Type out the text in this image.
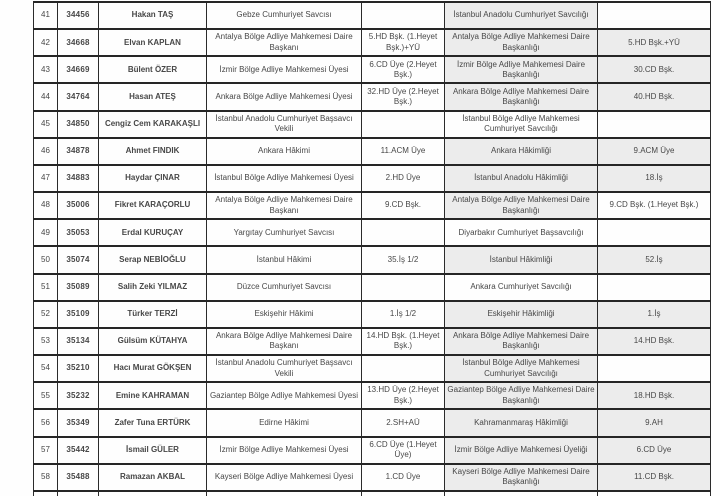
41	34456	Hakan TAŞ	Gebze Cumhuriyet Savcısı		İstanbul Anadolu Cumhuriyet Savcılığı	
42	34668	Elvan KAPLAN	Antalya Bölge Adliye Mahkemesi Daire Başkanı	5.HD Bşk. (1.Heyet Bşk.)+YÜ	Antalya Bölge Adliye Mahkemesi Daire Başkanlığı	5.HD Bşk.+YÜ
43	34669	Bülent ÖZER	İzmir Bölge Adliye Mahkemesi Üyesi	6.CD Üye (2.Heyet Bşk.)	İzmir Bölge Adliye Mahkemesi Daire Başkanlığı	30.CD Bşk.
44	34764	Hasan ATEŞ	Ankara Bölge Adliye Mahkemesi Üyesi	32.HD Üye (2.Heyet Bşk.)	Ankara Bölge Adliye Mahkemesi Daire Başkanlığı	40.HD Bşk.
45	34850	Cengiz Cem KARAKAŞLI	İstanbul Anadolu Cumhuriyet Başsavcı Vekili		İstanbul Bölge Adliye Mahkemesi Cumhuriyet Savcılığı	
46	34878	Ahmet FINDIK	Ankara Hâkimi	11.ACM Üye	Ankara Hâkimliği	9.ACM Üye
47	34883	Haydar ÇINAR	İstanbul Bölge Adliye Mahkemesi Üyesi	2.HD Üye	İstanbul Anadolu Hâkimliği	18.İş
48	35006	Fikret KARAÇORLU	Antalya Bölge Adliye Mahkemesi Daire Başkanı	9.CD Bşk.	Antalya Bölge Adliye Mahkemesi Daire Başkanlığı	9.CD Bşk. (1.Heyet Bşk.)
49	35053	Erdal KURUÇAY	Yargıtay Cumhuriyet Savcısı		Diyarbakır Cumhuriyet Başsavcılığı	
50	35074	Serap NEBİOĞLU	İstanbul Hâkimi	35.İş 1/2	İstanbul Hâkimliği	52.İş
51	35089	Salih Zeki YILMAZ	Düzce Cumhuriyet Savcısı		Ankara Cumhuriyet Savcılığı	
52	35109	Türker TERZİ	Eskişehir Hâkimi	1.İş 1/2	Eskişehir Hâkimliği	1.İş
53	35134	Gülsüm KÜTAHYA	Ankara Bölge Adliye Mahkemesi Daire Başkanı	14.HD Bşk. (1.Heyet Bşk.)	Ankara Bölge Adliye Mahkemesi Daire Başkanlığı	14.HD Bşk.
54	35210	Hacı Murat GÖKŞEN	İstanbul Anadolu Cumhuriyet Başsavcı Vekili		İstanbul Bölge Adliye Mahkemesi Cumhuriyet Savcılığı	
55	35232	Emine KAHRAMAN	Gaziantep Bölge Adliye Mahkemesi Üyesi	13.HD Üye (2.Heyet Bşk.)	Gaziantep Bölge Adliye Mahkemesi Daire Başkanlığı	18.HD Bşk.
56	35349	Zafer Tuna ERTÜRK	Edirne Hâkimi	2.SH+AÜ	Kahramanmaraş Hâkimliği	9.AH
57	35442	İsmail GÜLER	İzmir Bölge Adliye Mahkemesi Üyesi	6.CD Üye (1.Heyet Üye)	İzmir Bölge Adliye Mahkemesi Üyeliği	6.CD Üye
58	35488	Ramazan AKBAL	Kayseri Bölge Adliye Mahkemesi Üyesi	1.CD Üye	Kayseri Bölge Adliye Mahkemesi Daire Başkanlığı	11.CD Bşk.
